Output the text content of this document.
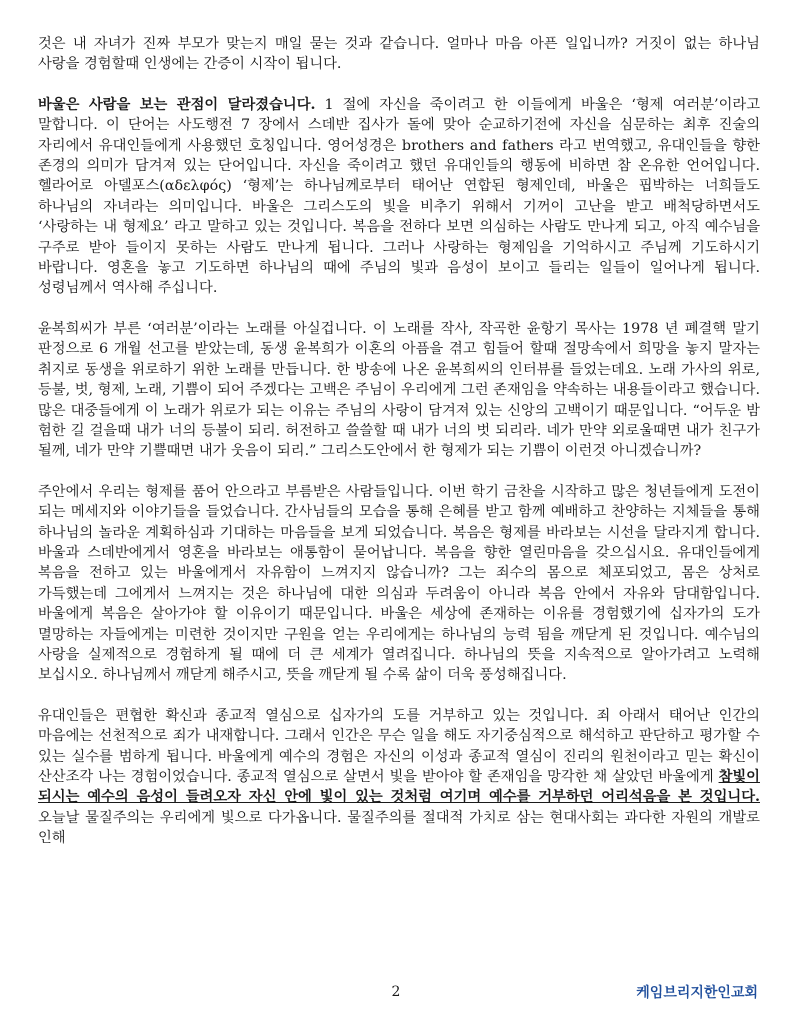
것은 내 자녀가 진짜 부모가 맞는지 매일 묻는 것과 같습니다. 얼마나 마음 아픈 일입니까? 거짓이 없는 하나님 사랑을 경험할때 인생에는 간증이 시작이 됩니다.

바울은 사람을 보는 관점이 달라졌습니다. 1 절에 자신을 죽이려고 한 이들에게 바울은 ‘형제 여러분’이라고 말합니다. 이 단어는 사도행전 7 장에서 스데반 집사가 돌에 맞아 순교하기전에 자신을 심문하는 최후 진술의 자리에서 유대인들에게 사용했던 호칭입니다. 영어성경은 brothers and fathers 라고 번역했고, 유대인들을 향한 존경의 의미가 담겨져 있는 단어입니다. 자신을 죽이려고 했던 유대인들의 행동에 비하면 참 온유한 언어입니다. 헬라어로 아델포스(αδελφός) ‘형제’는 하나님께로부터 태어난 연합된 형제인데, 바울은 핍박하는 너희들도 하나님의 자녀라는 의미입니다. 바울은 그리스도의 빛을 비추기 위해서 기꺼이 고난을 받고 배척당하면서도 ‘사랑하는 내 형제요’ 라고 말하고 있는 것입니다. 복음을 전하다 보면 의심하는 사람도 만나게 되고, 아직 예수님을 구주로 받아 들이지 못하는 사람도 만나게 됩니다. 그러나 사랑하는 형제임을 기억하시고 주님께 기도하시기 바랍니다. 영혼을 놓고 기도하면 하나님의 때에 주님의 빛과 음성이 보이고 들리는 일들이 일어나게 됩니다. 성령님께서 역사해 주십니다.

윤복희씨가 부른 ‘여러분’이라는 노래를 아실겁니다. 이 노래를 작사, 작곡한 윤항기 목사는 1978 년 폐결핵 말기 판정으로 6 개월 선고를 받았는데, 동생 윤복희가 이혼의 아픔을 겪고 힘들어 할때 절망속에서 희망을 놓지 말자는 취지로 동생을 위로하기 위한 노래를 만듭니다. 한 방송에 나온 윤복희씨의 인터뷰를 들었는데요. 노래 가사의 위로, 등불, 벗, 형제, 노래, 기쁨이 되어 주겠다는 고백은 주님이 우리에게 그런 존재임을 약속하는 내용들이라고 했습니다. 많은 대중들에게 이 노래가 위로가 되는 이유는 주님의 사랑이 담겨져 있는 신앙의 고백이기 때문입니다. “어두운 밤 험한 길 걸을때 내가 너의 등불이 되리. 허전하고 쓸쓸할 때 내가 너의 벗 되리라. 네가 만약 외로울때면 내가 친구가 될께, 네가 만약 기쁠때면 내가 웃음이 되리.” 그리스도안에서 한 형제가 되는 기쁨이 이런것 아니겠습니까?

주안에서 우리는 형제를 품어 안으라고 부름받은 사람들입니다. 이번 학기 금찬을 시작하고 많은 청년들에게 도전이 되는 메세지와 이야기들을 들었습니다. 간사님들의 모습을 통해 은혜를 받고 함께 예배하고 찬양하는 지체들을 통해 하나님의 놀라운 계획하심과 기대하는 마음들을 보게 되었습니다. 복음은 형제를 바라보는 시선을 달라지게 합니다. 바울과 스데반에게서 영혼을 바라보는 애통함이 묻어납니다. 복음을 향한 열린마음을 갖으십시요. 유대인들에게 복음을 전하고 있는 바울에게서 자유함이 느껴지지 않습니까? 그는 죄수의 몸으로 체포되었고, 몸은 상처로 가득했는데 그에게서 느껴지는 것은 하나님에 대한 의심과 두려움이 아니라 복음 안에서 자유와 담대함입니다. 바울에게 복음은 살아가야 할 이유이기 때문입니다. 바울은 세상에 존재하는 이유를 경험했기에 십자가의 도가 멸망하는 자들에게는 미련한 것이지만 구원을 얻는 우리에게는 하나님의 능력 됨을 깨닫게 된 것입니다. 예수님의 사랑을 실제적으로 경험하게 될 때에 더 큰 세계가 열려집니다. 하나님의 뜻을 지속적으로 알아가려고 노력해 보십시오. 하나님께서 깨닫게 해주시고, 뜻을 깨닫게 될 수록 삶이 더욱 풍성해집니다.

유대인들은 편협한 확신과 종교적 열심으로 십자가의 도를 거부하고 있는 것입니다. 죄 아래서 태어난 인간의 마음에는 선천적으로 죄가 내재합니다. 그래서 인간은 무슨 일을 해도 자기중심적으로 해석하고 판단하고 평가할 수 있는 실수를 범하게 됩니다. 바울에게 예수의 경험은 자신의 이성과 종교적 열심이 진리의 원천이라고 믿는 확신이 산산조각 나는 경험이었습니다. 종교적 열심으로 살면서 빛을 받아야 할 존재임을 망각한 채 살았던 바울에게 참빛이 되시는 예수의 음성이 들려오자 자신 안에 빛이 있는 것처럼 여기며 예수를 거부하던 어리석음을 본 것입니다. 오늘날 물질주의는 우리에게 빛으로 다가옵니다. 물질주의를 절대적 가치로 삼는 현대사회는 과다한 자원의 개발로 인해

2	케임브리지한인교회
